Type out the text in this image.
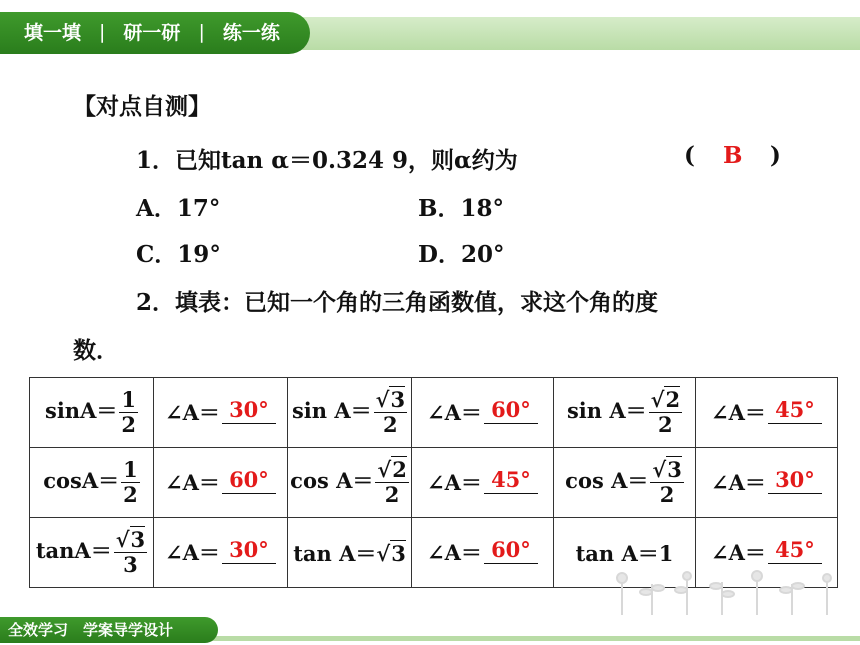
填一填 | 研一研 | 练一练
【对点自测】
1．已知tan α＝0.324 9，则α约为	( B )
A．17°	B．18°
C．19°	D．20°
2．填表：已知一个角的三角函数值，求这个角的度
数．
$\sin A= \frac{1}{2}$	∠A＝ 30°	$\sin A= \frac{√3}{2}$	∠A＝ 60°	$\sin A= \frac{√2}{2}$	∠A＝ 45°
$\cos A= \frac{1}{2}$	∠A＝ 60°	$\cos A= \frac{√2}{2}$	∠A＝ 45°	$\cos A= \frac{√3}{2}$	∠A＝ 30°
$\tan A= \frac{√3}{3}$	∠A＝ 30°	tan A＝√3	∠A＝ 60°	tan A＝1	∠A＝ 45°
全效学习　学案导学设计
